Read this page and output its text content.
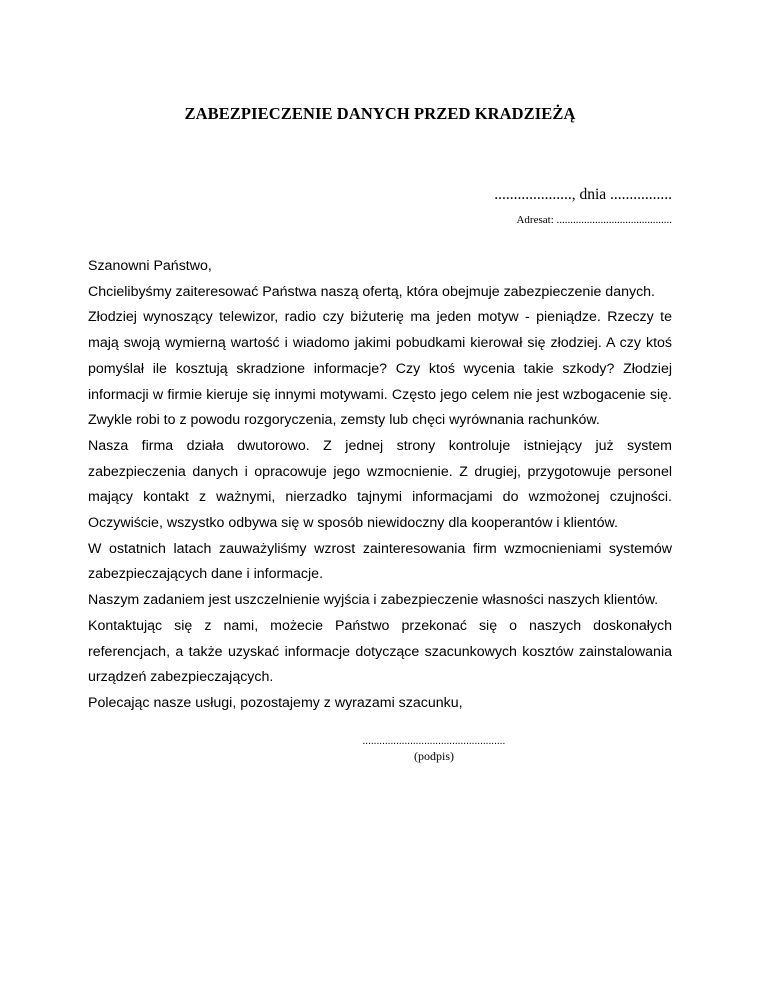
ZABEZPIECZENIE DANYCH PRZED KRADZIEŻĄ

...................., dnia ................

Adresat: ..........................................

Szanowni Państwo,

Chcielibyśmy zaiteresować Państwa naszą ofertą, która obejmuje zabezpieczenie danych.

Złodziej wynoszący telewizor, radio czy biżuterię ma jeden motyw - pieniądze. Rzeczy te mają swoją wymierną wartość i wiadomo jakimi pobudkami kierował się złodziej. A czy ktoś pomyślał ile kosztują skradzione informacje? Czy ktoś wycenia takie szkody? Złodziej informacji w firmie kieruje się innymi motywami. Często jego celem nie jest wzbogacenie się. Zwykle robi to z powodu rozgoryczenia, zemsty lub chęci wyrównania rachunków.

Nasza firma działa dwutorowo. Z jednej strony kontroluje istniejący już system zabezpieczenia danych i opracowuje jego wzmocnienie. Z drugiej, przygotowuje personel mający kontakt z ważnymi, nierzadko tajnymi informacjami do wzmożonej czujności. Oczywiście, wszystko odbywa się w sposób niewidoczny dla kooperantów i klientów.

W ostatnich latach zauważyliśmy wzrost zainteresowania firm wzmocnieniami systemów zabezpieczających dane i informacje.

Naszym zadaniem jest uszczelnienie wyjścia i zabezpieczenie własności naszych klientów.

Kontaktując się z nami, możecie Państwo przekonać się o naszych doskonałych referencjach, a także uzyskać informacje dotyczące szacunkowych kosztów zainstalowania urządzeń zabezpieczających.

Polecając nasze usługi, pozostajemy z wyrazami szacunku,

...................................................

(podpis)
